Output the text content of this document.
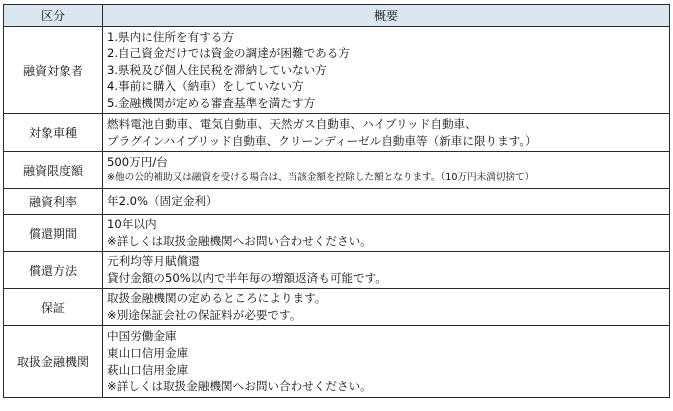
区分	概要
融資対象者	1.県内に住所を有する方
2.自己資金だけでは資金の調達が困難である方
3.県税及び個人住民税を滞納していない方
4.事前に購入（納車）をしていない方
5.金融機関が定める審査基準を満たす方

対象車種	燃料電池自動車、電気自動車、天然ガス自動車、ハイブリッド自動車、
プラグインハイブリッド自動車、クリーンディーゼル自動車等（新車に限ります。）

融資限度額	500万円/台
※他の公的補助又は融資を受ける場合は、当該金額を控除した額となります。（10万円未満切捨て）

融資利率	年2.0%（固定金利）

償還期間	10年以内
※詳しくは取扱金融機関へお問い合わせください。

償還方法	元利均等月賦償還
貸付金額の50%以内で半年毎の増額返済も可能です。

保証	取扱金融機関の定めるところによります。
※別途保証会社の保証料が必要です。

取扱金融機関	中国労働金庫
東山口信用金庫
萩山口信用金庫
※詳しくは取扱金融機関へお問い合わせください。
